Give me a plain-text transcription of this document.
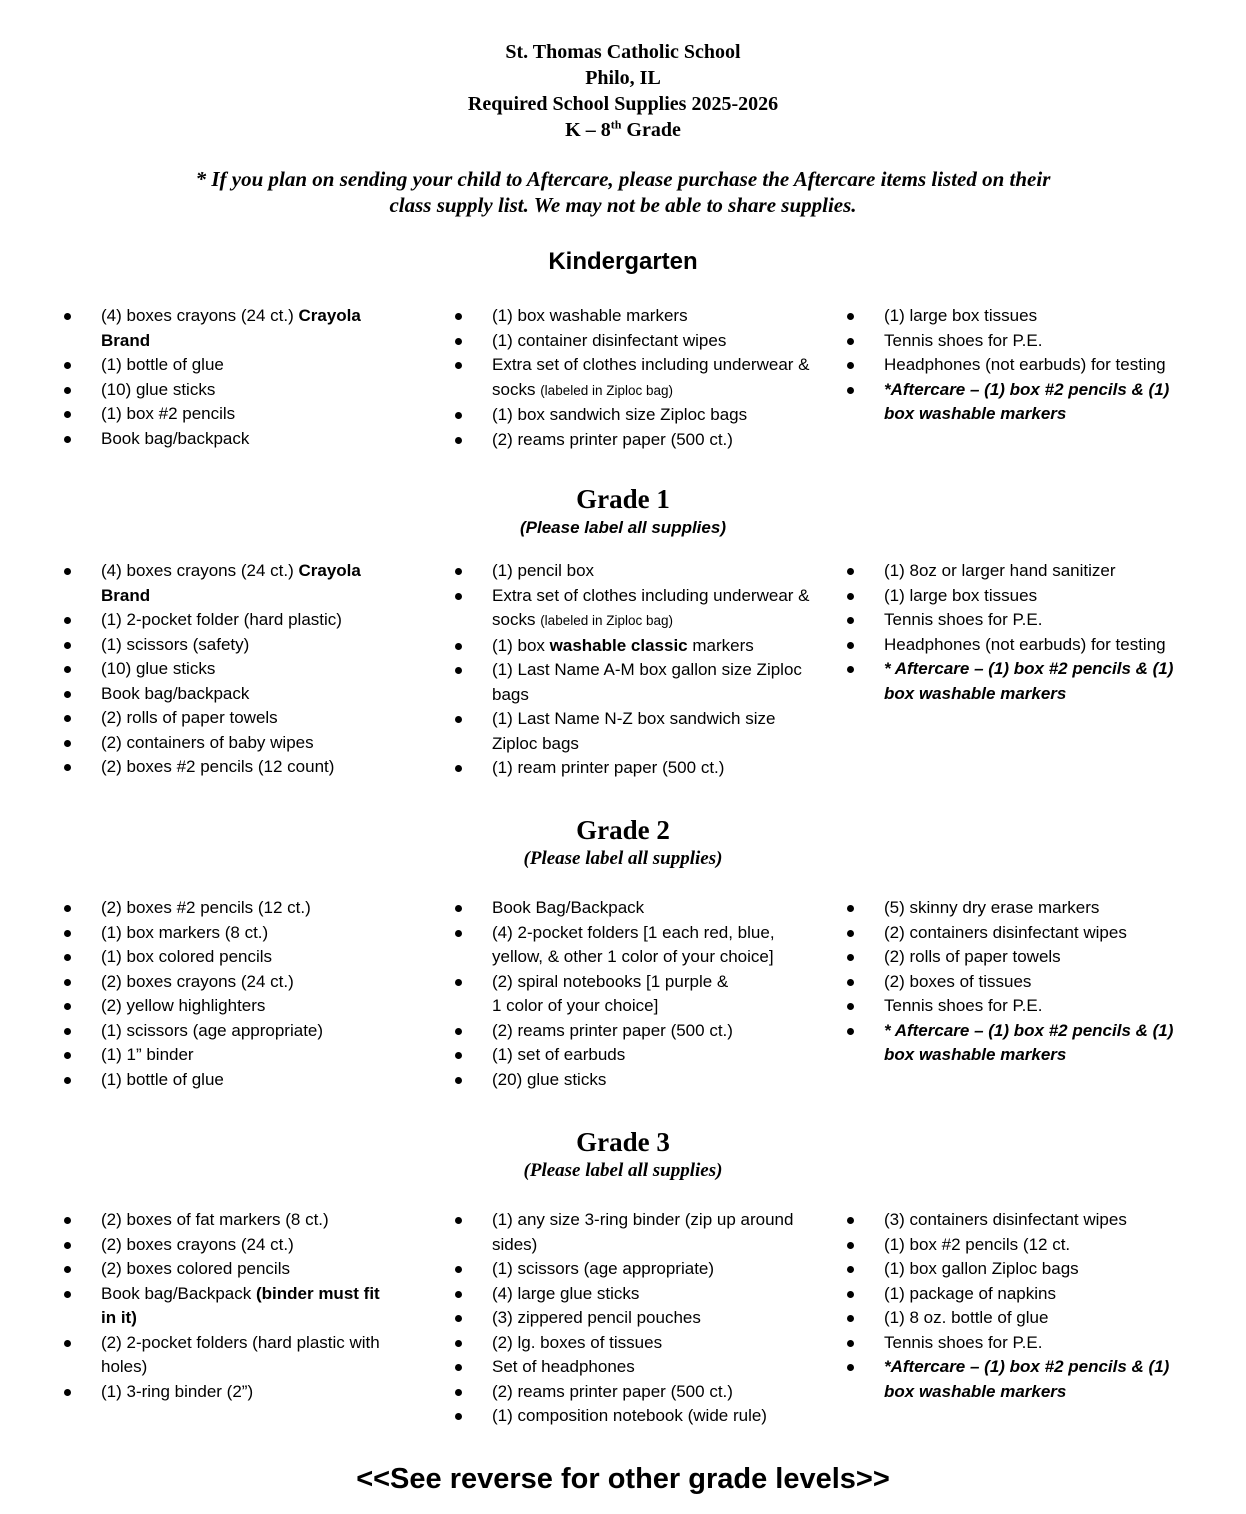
St. Thomas Catholic School
Philo, IL
Required School Supplies 2025-2026
K – 8th Grade
* If you plan on sending your child to Aftercare, please purchase the Aftercare items listed on their
class supply list. We may not be able to share supplies.
Kindergarten
(4) boxes crayons (24 ct.) Crayola Brand
(1) bottle of glue
(10) glue sticks
(1) box #2 pencils
Book bag/backpack
(1) box washable markers
(1) container disinfectant wipes
Extra set of clothes including underwear & socks (labeled in Ziploc bag)
(1) box sandwich size Ziploc bags
(2) reams printer paper (500 ct.)
(1) large box tissues
Tennis shoes for P.E.
Headphones (not earbuds) for testing
*Aftercare – (1) box #2 pencils & (1) box washable markers
Grade 1
(Please label all supplies)
(4) boxes crayons (24 ct.) Crayola Brand
(1) 2-pocket folder (hard plastic)
(1) scissors (safety)
(10) glue sticks
Book bag/backpack
(2) rolls of paper towels
(2) containers of baby wipes
(2) boxes #2 pencils (12 count)
(1) pencil box
Extra set of clothes including underwear & socks (labeled in Ziploc bag)
(1) box washable classic markers
(1) Last Name A-M box gallon size Ziploc bags
(1) Last Name N-Z box sandwich size Ziploc bags
(1) ream printer paper (500 ct.)
(1) 8oz or larger hand sanitizer
(1) large box tissues
Tennis shoes for P.E.
Headphones (not earbuds) for testing
* Aftercare – (1) box #2 pencils & (1) box washable markers
Grade 2
(Please label all supplies)
(2) boxes #2 pencils (12 ct.)
(1) box markers (8 ct.)
(1) box colored pencils
(2) boxes crayons (24 ct.)
(2) yellow highlighters
(1) scissors (age appropriate)
(1) 1” binder
(1) bottle of glue
Book Bag/Backpack
(4) 2-pocket folders [1 each red, blue, yellow, & other 1 color of your choice]
(2) spiral notebooks [1 purple &
1 color of your choice]
(2) reams printer paper (500 ct.)
(1) set of earbuds
(20) glue sticks
(5) skinny dry erase markers
(2) containers disinfectant wipes
(2) rolls of paper towels
(2) boxes of tissues
Tennis shoes for P.E.
* Aftercare – (1) box #2 pencils & (1) box washable markers
Grade 3
(Please label all supplies)
(2) boxes of fat markers (8 ct.)
(2) boxes crayons (24 ct.)
(2) boxes colored pencils
Book bag/Backpack (binder must fit in it)
(2) 2-pocket folders (hard plastic with holes)
(1) 3-ring binder (2”)
(1) any size 3-ring binder (zip up around sides)
(1) scissors (age appropriate)
(4) large glue sticks
(3) zippered pencil pouches
(2) lg. boxes of tissues
Set of headphones
(2) reams printer paper (500 ct.)
(1) composition notebook (wide rule)
(3) containers disinfectant wipes
(1) box #2 pencils (12 ct.
(1) box gallon Ziploc bags
(1) package of napkins
(1) 8 oz. bottle of glue
Tennis shoes for P.E.
*Aftercare – (1) box #2 pencils & (1) box washable markers
<<See reverse for other grade levels>>
